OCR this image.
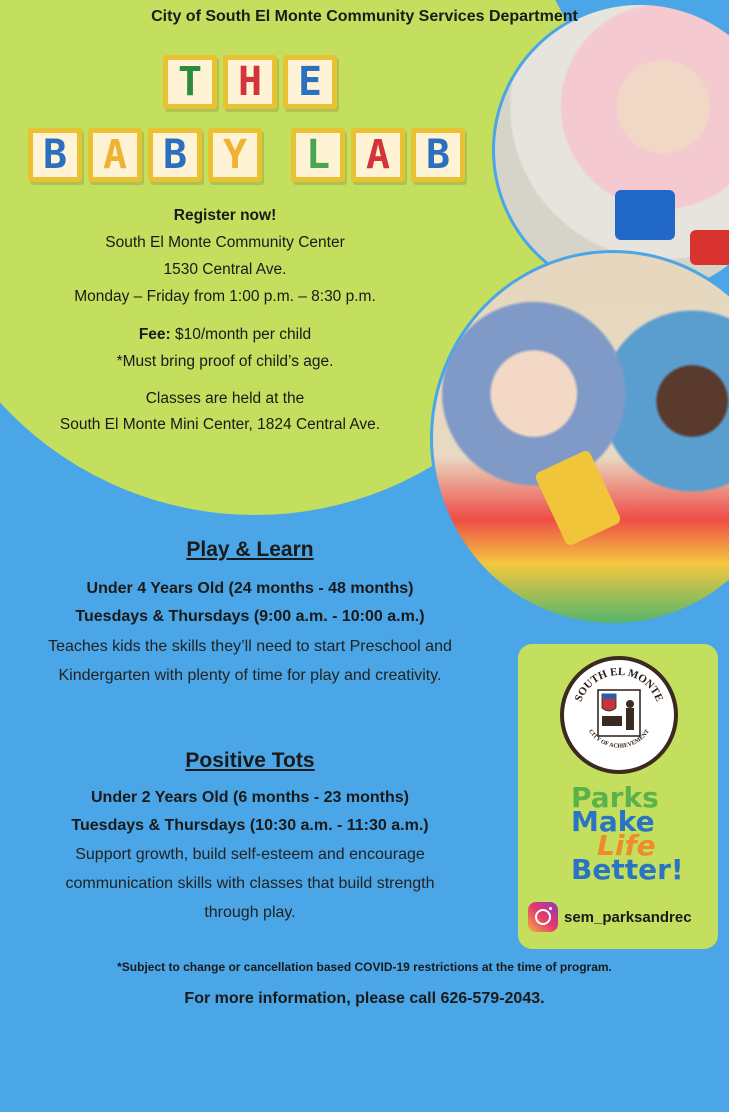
City of South El Monte Community Services Department
T H E
B A B Y	L A B
Register now!
South El Monte Community Center
1530 Central Ave.
Monday – Friday from 1:00 p.m. – 8:30 p.m.
Fee: $10/month per child
*Must bring proof of child’s age.
Classes are held at the
South El Monte Mini Center, 1824 Central Ave.
Play & Learn
Under 4 Years Old (24 months - 48 months)
Tuesdays & Thursdays (9:00 a.m. - 10:00 a.m.)
Teaches kids the skills they’ll need to start Preschool and
Kindergarten with plenty of time for play and creativity.
Positive Tots
Under 2 Years Old (6 months - 23 months)
Tuesdays & Thursdays (10:30 a.m. - 11:30 a.m.)
Support growth, build self-esteem and encourage
communication skills with classes that build strength
through play.
SOUTH EL MONTE
CITY OF ACHIEVEMENT
Parks
Make
Life
Better!
sem_parksandrec
*Subject to change or cancellation based COVID-19 restrictions at the time of program.
For more information, please call 626-579-2043.
